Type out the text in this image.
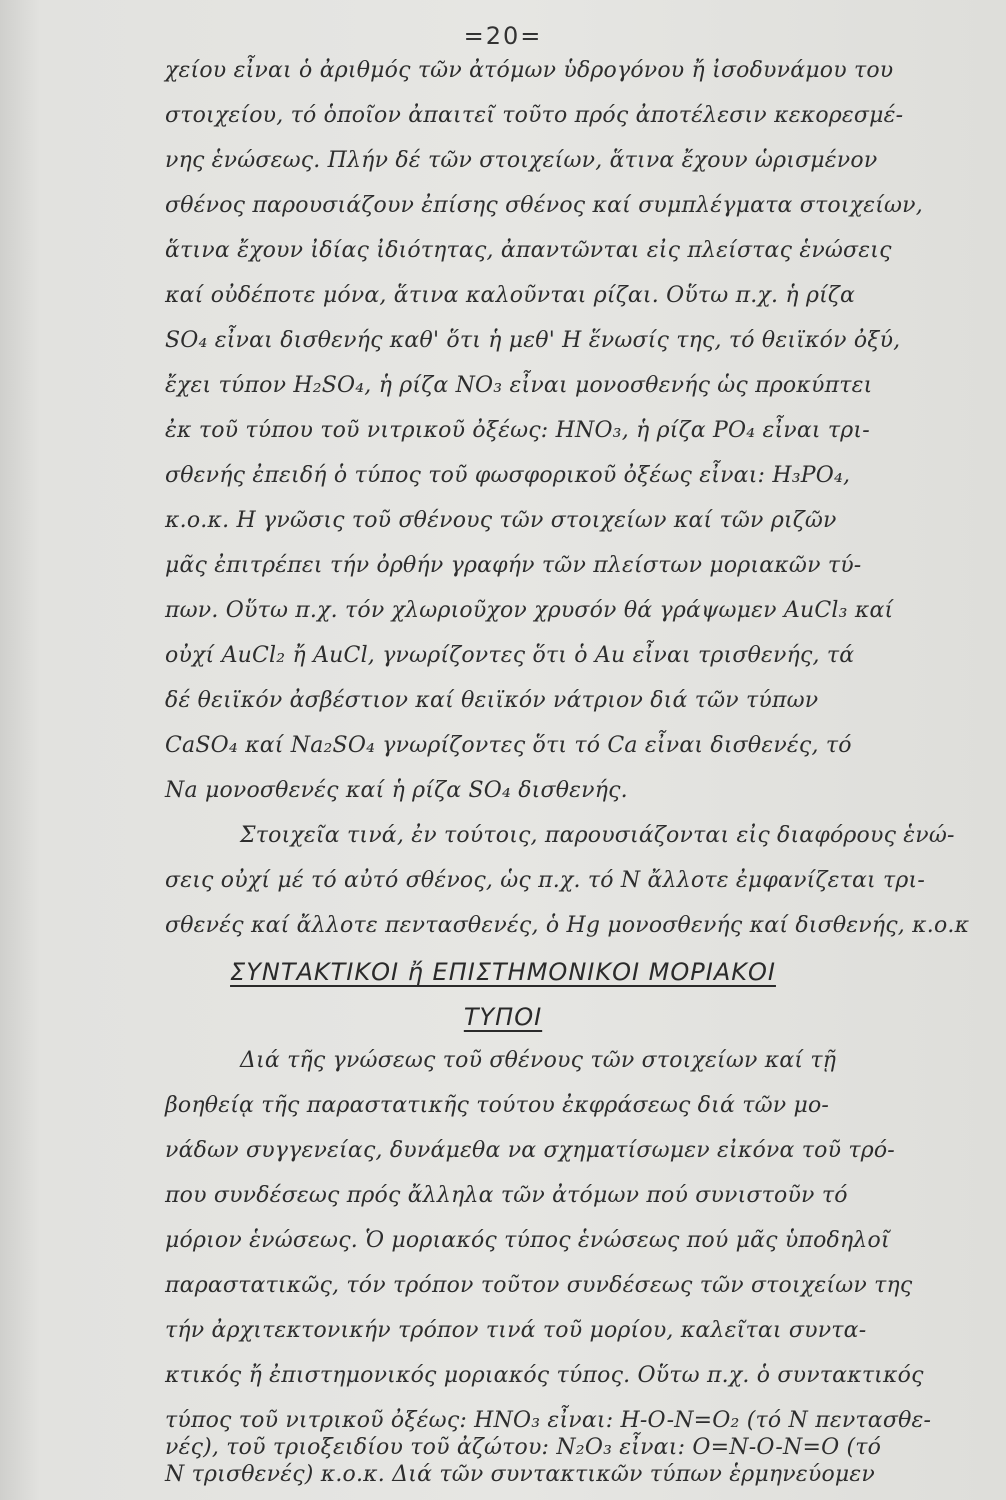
=20=
χείου εἶναι ὁ ἀριθμός τῶν ἀτόμων ὑδρογόνου ἤ ἰσοδυνάμου του
στοιχείου, τό ὁποῖον ἀπαιτεῖ τοῦτο πρός ἀποτέλεσιν κεκορεσμέ-
νης ἑνώσεως. Πλήν δέ τῶν στοιχείων, ἅτινα ἔχουν ὡρισμένον
σθένος παρουσιάζουν ἐπίσης σθένος καί συμπλέγματα στοιχείων,
ἅτινα ἔχουν ἰδίας ἰδιότητας, ἀπαντῶνται εἰς πλείστας ἑνώσεις
καί οὐδέποτε μόνα, ἅτινα καλοῦνται ρίζαι. Οὕτω π.χ. ἡ ρίζα
SO₄ εἶναι δισθενής καθ' ὅτι ἡ μεθ' Η ἕνωσίς της, τό θειϊκόν ὀξύ,
ἔχει τύπον H₂SO₄, ἡ ρίζα NO₃ εἶναι μονοσθενής ὡς προκύπτει
ἐκ τοῦ τύπου τοῦ νιτρικοῦ ὀξέως: HNO₃, ἡ ρίζα PO₄ εἶναι τρι-
σθενής ἐπειδή ὁ τύπος τοῦ φωσφορικοῦ ὀξέως εἶναι: H₃PO₄,
κ.ο.κ. Η γνῶσις τοῦ σθένους τῶν στοιχείων καί τῶν ριζῶν
μᾶς ἐπιτρέπει τήν ὀρθήν γραφήν τῶν πλείστων μοριακῶν τύ-
πων. Οὕτω π.χ. τόν χλωριοῦχον χρυσόν θά γράψωμεν AuCl₃ καί
οὐχί AuCl₂ ἤ AuCl, γνωρίζοντες ὅτι ὁ Au εἶναι τρισθενής, τά
δέ θειϊκόν ἀσβέστιον καί θειϊκόν νάτριον διά τῶν τύπων
CaSO₄ καί Na₂SO₄ γνωρίζοντες ὅτι τό Ca εἶναι δισθενές, τό
Na μονοσθενές καί ἡ ρίζα SO₄ δισθενής.
Στοιχεῖα τινά, ἐν τούτοις, παρουσιάζονται εἰς διαφόρους ἑνώ-
σεις οὐχί μέ τό αὐτό σθένος, ὡς π.χ. τό Ν ἄλλοτε ἐμφανίζεται τρι-
σθενές καί ἄλλοτε πεντασθενές, ὁ Hg μονοσθενής καί δισθενής, κ.ο.κ
ΣΥΝΤΑΚΤΙΚΟΙ ἤ ΕΠΙΣΤΗΜΟΝΙΚΟΙ ΜΟΡΙΑΚΟΙ
ΤΥΠΟΙ
Διά τῆς γνώσεως τοῦ σθένους τῶν στοιχείων καί τῇ
βοηθείᾳ τῆς παραστατικῆς τούτου ἐκφράσεως διά τῶν μο-
νάδων συγγενείας, δυνάμεθα να σχηματίσωμεν εἰκόνα τοῦ τρό-
που συνδέσεως πρός ἄλληλα τῶν ἀτόμων πού συνιστοῦν τό
μόριον ἑνώσεως. Ὁ μοριακός τύπος ἑνώσεως πού μᾶς ὑποδηλοῖ
παραστατικῶς, τόν τρόπον τοῦτον συνδέσεως τῶν στοιχείων της
τήν ἀρχιτεκτονικήν τρόπον τινά τοῦ μορίου, καλεῖται συντα-
κτικός ἤ ἐπιστημονικός μοριακός τύπος. Οὕτω π.χ. ὁ συντακτικός
τύπος τοῦ νιτρικοῦ ὀξέως: HNO₃ εἶναι: H-O-N=O₂ (τό Ν πεντασθε-
νές), τοῦ τριοξειδίου τοῦ ἀζώτου: N₂O₃ εἶναι: O=N-O-N=O (τό
Ν τρισθενές) κ.ο.κ. Διά τῶν συντακτικῶν τύπων ἑρμηνεύομεν
